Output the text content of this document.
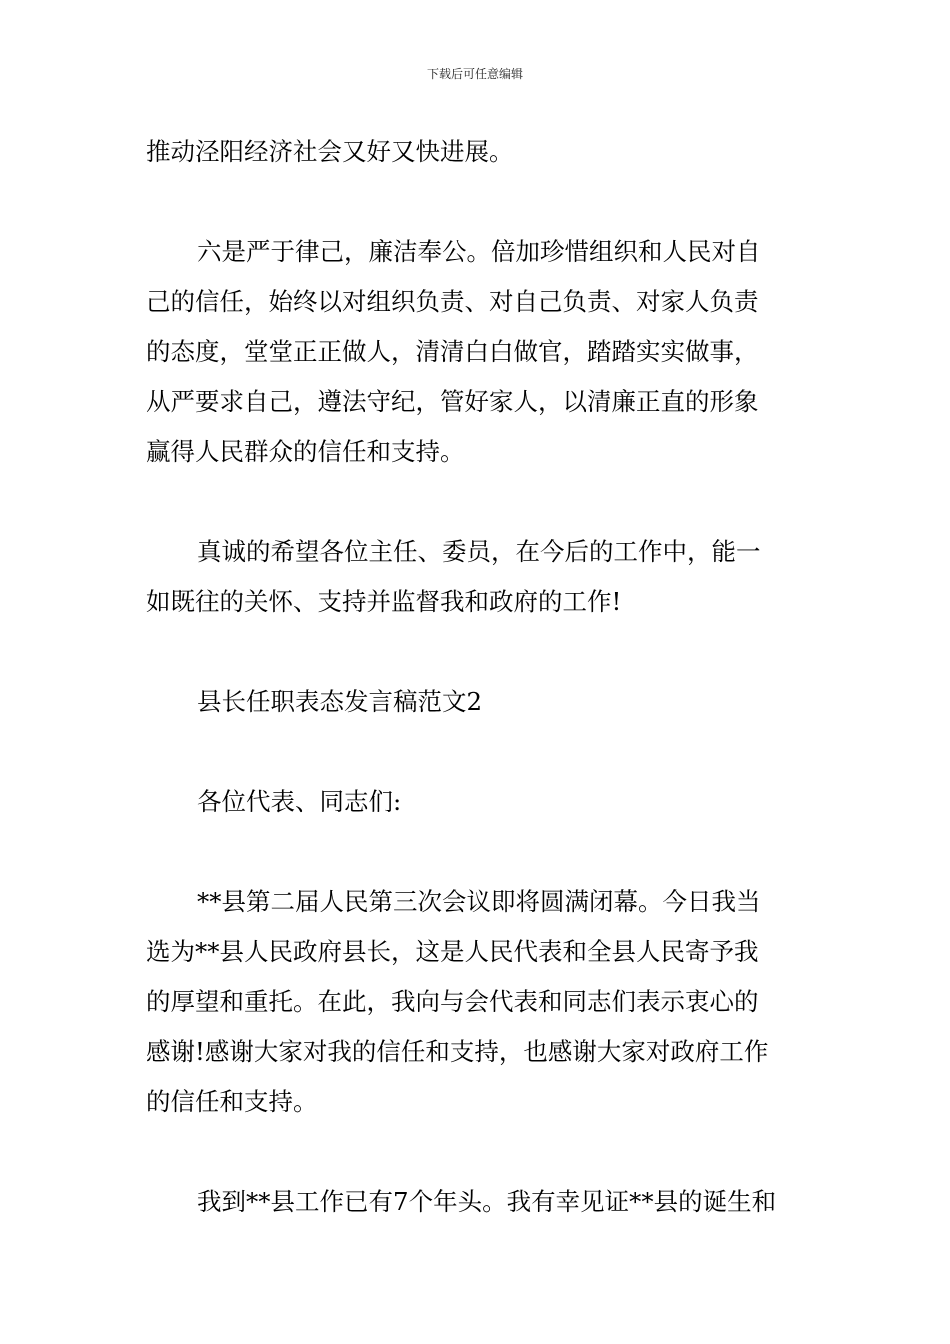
下载后可任意编辑
推动泾阳经济社会又好又快进展。
六是严于律己，廉洁奉公。倍加珍惜组织和人民对自
己的信任，始终以对组织负责、对自己负责、对家人负责
的态度，堂堂正正做人，清清白白做官，踏踏实实做事，
从严要求自己，遵法守纪，管好家人，以清廉正直的形象
赢得人民群众的信任和支持。
真诚的希望各位主任、委员，在今后的工作中，能一
如既往的关怀、支持并监督我和政府的工作!
县长任职表态发言稿范文2
各位代表、同志们:
**县第二届人民第三次会议即将圆满闭幕。今日我当
选为**县人民政府县长，这是人民代表和全县人民寄予我
的厚望和重托。在此，我向与会代表和同志们表示衷心的
感谢!感谢大家对我的信任和支持，也感谢大家对政府工作
的信任和支持。
我到**县工作已有7个年头。我有幸见证**县的诞生和
